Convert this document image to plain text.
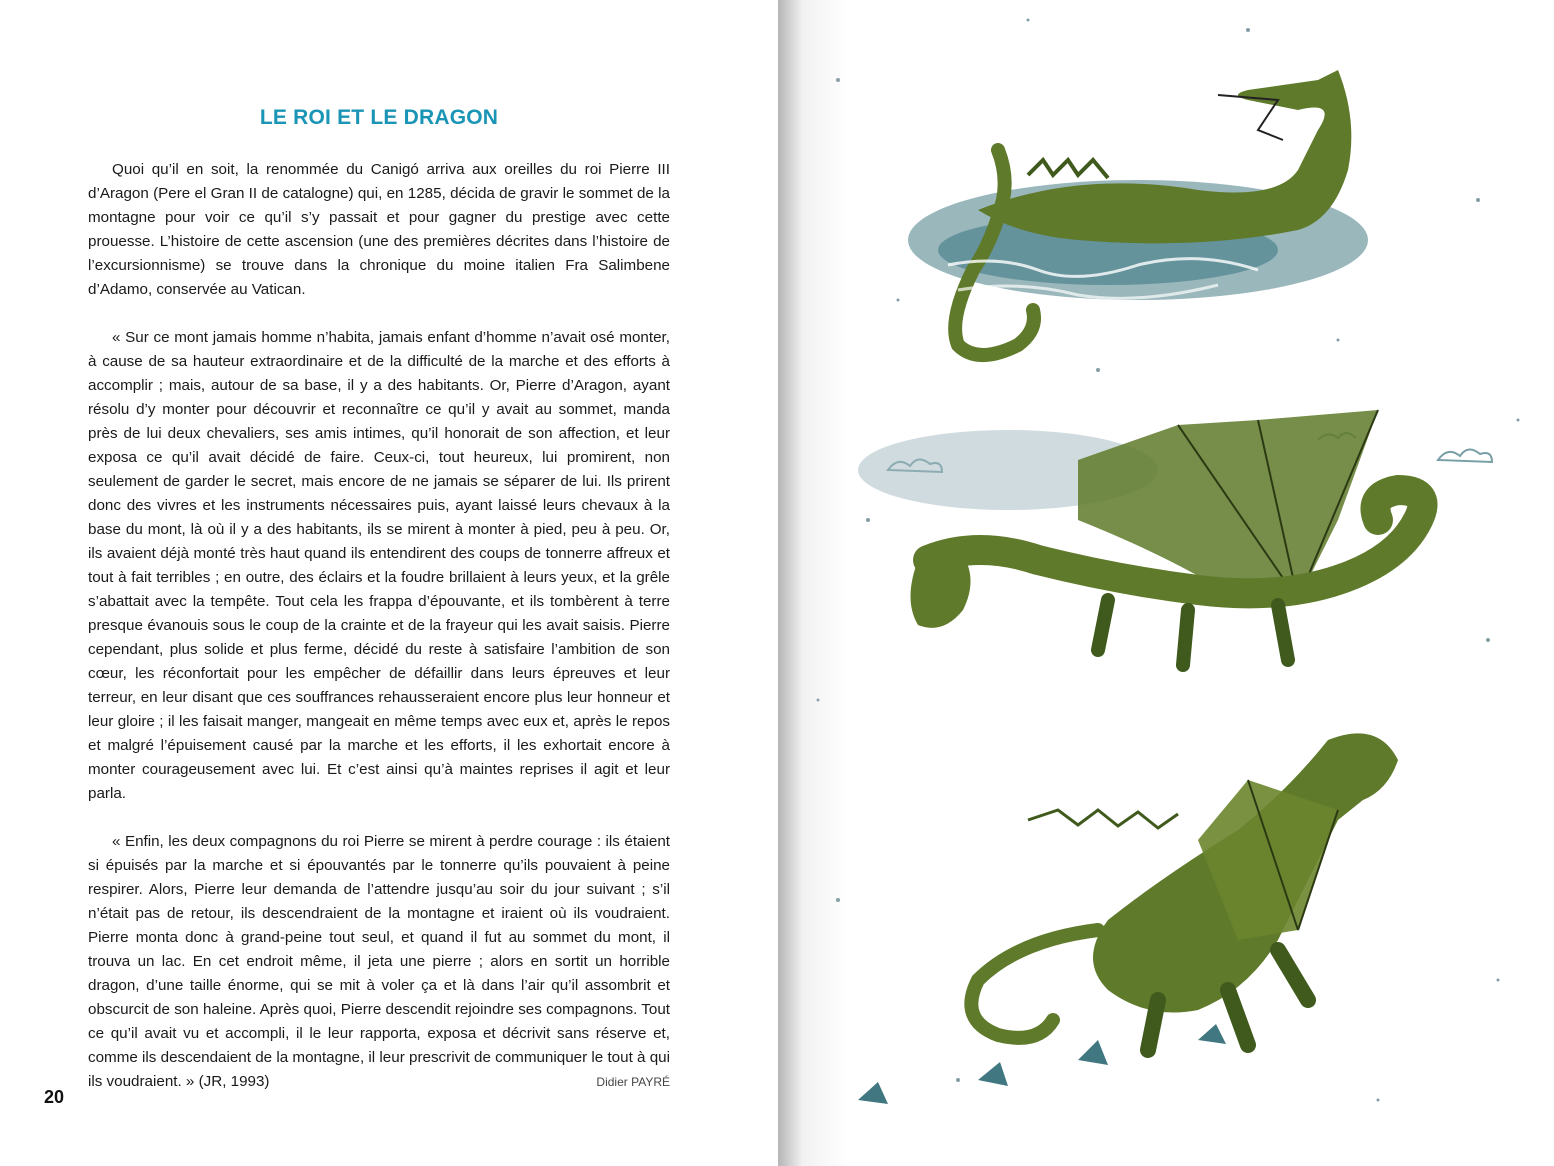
LE ROI ET LE DRAGON

Quoi qu’il en soit, la renommée du Canigó arriva aux oreilles du roi Pierre III d’Aragon (Pere el Gran II de catalogne) qui, en 1285, décida de gravir le sommet de la montagne pour voir ce qu’il s’y passait et pour gagner du prestige avec cette prouesse. L’histoire de cette ascension (une des premières décrites dans l’histoire de l’excursionnisme) se trouve dans la chronique du moine italien Fra Salimbene d’Adamo, conservée au Vatican.

« Sur ce mont jamais homme n’habita, jamais enfant d’homme n’avait osé monter, à cause de sa hauteur extraordinaire et de la difficulté de la marche et des efforts à accomplir ; mais, autour de sa base, il y a des habitants. Or, Pierre d’Aragon, ayant résolu d’y monter pour découvrir et reconnaître ce qu’il y avait au sommet, manda près de lui deux chevaliers, ses amis intimes, qu’il honorait de son affection, et leur exposa ce qu’il avait décidé de faire. Ceux-ci, tout heureux, lui promirent, non seulement de garder le secret, mais encore de ne jamais se séparer de lui. Ils prirent donc des vivres et les instruments nécessaires puis, ayant laissé leurs chevaux à la base du mont, là où il y a des habitants, ils se mirent à monter à pied, peu à peu. Or, ils avaient déjà monté très haut quand ils entendirent des coups de tonnerre affreux et tout à fait terribles ; en outre, des éclairs et la foudre brillaient à leurs yeux, et la grêle s’abattait avec la tempête. Tout cela les frappa d’épouvante, et ils tombèrent à terre presque évanouis sous le coup de la crainte et de la frayeur qui les avait saisis. Pierre cependant, plus solide et plus ferme, décidé du reste à satisfaire l’ambition de son cœur, les réconfortait pour les empêcher de défaillir dans leurs épreuves et leur terreur, en leur disant que ces souffrances rehausseraient encore plus leur honneur et leur gloire ; il les faisait manger, mangeait en même temps avec eux et, après le repos et malgré l’épuisement causé par la marche et les efforts, il les exhortait encore à monter courageusement avec lui. Et c’est ainsi qu’à maintes reprises il agit et leur parla.

« Enfin, les deux compagnons du roi Pierre se mirent à perdre courage : ils étaient si épuisés par la marche et si épouvantés par le tonnerre qu’ils pouvaient à peine respirer. Alors, Pierre leur demanda de l’attendre jusqu’au soir du jour suivant ; s’il n’était pas de retour, ils descendraient de la montagne et iraient où ils voudraient. Pierre monta donc à grand-peine tout seul, et quand il fut au sommet du mont, il trouva un lac. En cet endroit même, il jeta une pierre ; alors en sortit un horrible dragon, d’une taille énorme, qui se mit à voler ça et là dans l’air qu’il assombrit et obscurcit de son haleine. Après quoi, Pierre descendit rejoindre ses compagnons. Tout ce qu’il avait vu et accompli, il le leur rapporta, exposa et décrivit sans réserve et, comme ils descendaient de la montagne, il leur prescrivit de communiquer le tout à qui ils voudraient. » (JR, 1993)	Didier PAYRÉ

20
